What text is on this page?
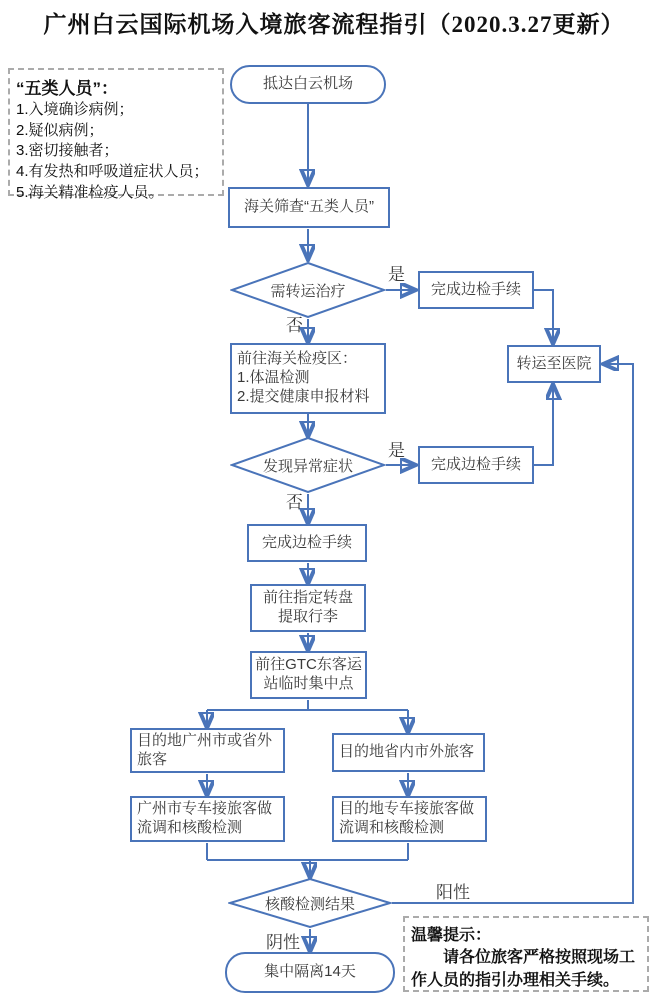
广州白云国际机场入境旅客流程指引（2020.3.27更新）
“五类人员”：
1.入境确诊病例；
2.疑似病例；
3.密切接触者；
4.有发热和呼吸道症状人员；
5.海关精准检疫人员。
抵达白云机场
海关筛查“五类人员”
需转运治疗	完成边检手续
前往海关检疫区：
1.体温检测
2.提交健康申报材料
发现异常症状	完成边检手续
转运至医院
完成边检手续
前往指定转盘
提取行李
前往GTC东客运
站临时集中点
目的地广州市或省外
旅客	目的地省内市外旅客
广州市专车接旅客做
流调和核酸检测
目的地专车接旅客做
流调和核酸检测
核酸检测结果
集中隔离14天
是
否
是
否
阳性
阴性	温馨提示：
　　请各位旅客严格按照现场工作人员的指引办理相关手续。
